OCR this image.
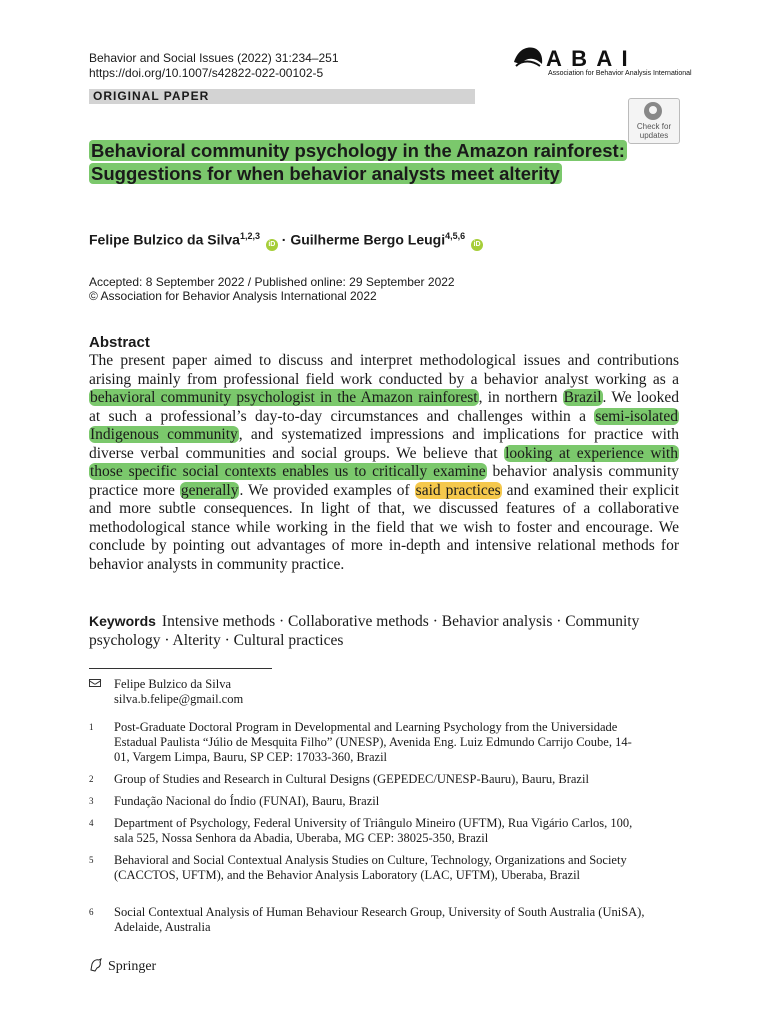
Behavior and Social Issues (2022) 31:234–251
https://doi.org/10.1007/s42822-022-00102-5
A B A I
Association for Behavior Analysis International
ORIGINAL PAPER
Check for updates
Behavioral community psychology in the Amazon rainforest: Suggestions for when behavior analysts meet alterity
Felipe Bulzico da Silva$^{1,2,3}$ iD · Guilherme Bergo Leugi$^{4,5,6}$ iD
Accepted: 8 September 2022 / Published online: 29 September 2022
© Association for Behavior Analysis International 2022
Abstract
The present paper aimed to discuss and interpret methodological issues and contributions arising mainly from professional field work conducted by a behavior analyst working as a behavioral community psychologist in the Amazon rainforest, in northern Brazil. We looked at such a professional’s day-to-day circumstances and challenges within a semi-isolated Indigenous community, and systematized impressions and implications for practice with diverse verbal communities and social groups. We believe that looking at experience with those specific social contexts enables us to critically examine behavior analysis community practice more generally. We provided examples of said practices and examined their explicit and more subtle consequences. In light of that, we discussed features of a collaborative methodological stance while working in the field that we wish to foster and encourage. We conclude by pointing out advantages of more in-depth and intensive relational methods for behavior analysts in community practice.
Keywords Intensive methods · Collaborative methods · Behavior analysis · Community psychology · Alterity · Cultural practices
Felipe Bulzico da Silva
silva.b.felipe@gmail.com
1 Post-Graduate Doctoral Program in Developmental and Learning Psychology from the Universidade Estadual Paulista “Júlio de Mesquita Filho” (UNESP), Avenida Eng. Luiz Edmundo Carrijo Coube, 14-01, Vargem Limpa, Bauru, SP CEP: 17033-360, Brazil
2 Group of Studies and Research in Cultural Designs (GEPEDEC/UNESP-Bauru), Bauru, Brazil
3 Fundação Nacional do Índio (FUNAI), Bauru, Brazil
4 Department of Psychology, Federal University of Triângulo Mineiro (UFTM), Rua Vigário Carlos, 100, sala 525, Nossa Senhora da Abadia, Uberaba, MG CEP: 38025-350, Brazil
5 Behavioral and Social Contextual Analysis Studies on Culture, Technology, Organizations and Society (CACCTOS, UFTM), and the Behavior Analysis Laboratory (LAC, UFTM), Uberaba, Brazil
6 Social Contextual Analysis of Human Behaviour Research Group, University of South Australia (UniSA), Adelaide, Australia
Springer
